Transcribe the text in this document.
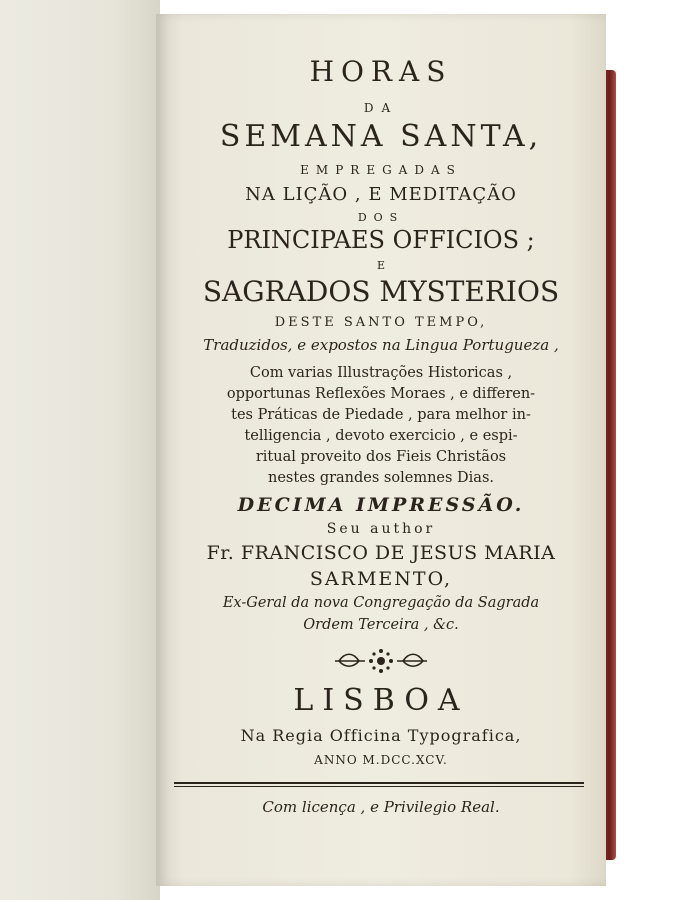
HORAS
DA
SEMANA SANTA,
EMPREGADAS
NA LIÇÃO , E MEDITAÇÃO
DOS
PRINCIPAES OFFICIOS ;
E
SAGRADOS MYSTERIOS
DESTE SANTO TEMPO,
Traduzidos, e expostos na Lingua Portugueza ,
Com varias Illustrações Historicas ,
opportunas Reflexões Moraes , e differen-
tes Práticas de Piedade , para melhor in-
telligencia , devoto exercicio , e espi-
ritual proveito dos Fieis Christãos
nestes grandes solemnes Dias.
DECIMA IMPRESSÃO.
Seu author
Fr. FRANCISCO DE JESUS MARIA
SARMENTO,
Ex-Geral da nova Congregação da Sagrada
Ordem Terceira , &c.
LISBOA
Na Regia Officina Typografica,
ANNO M.DCC.XCV.
Com licença , e Privilegio Real.
